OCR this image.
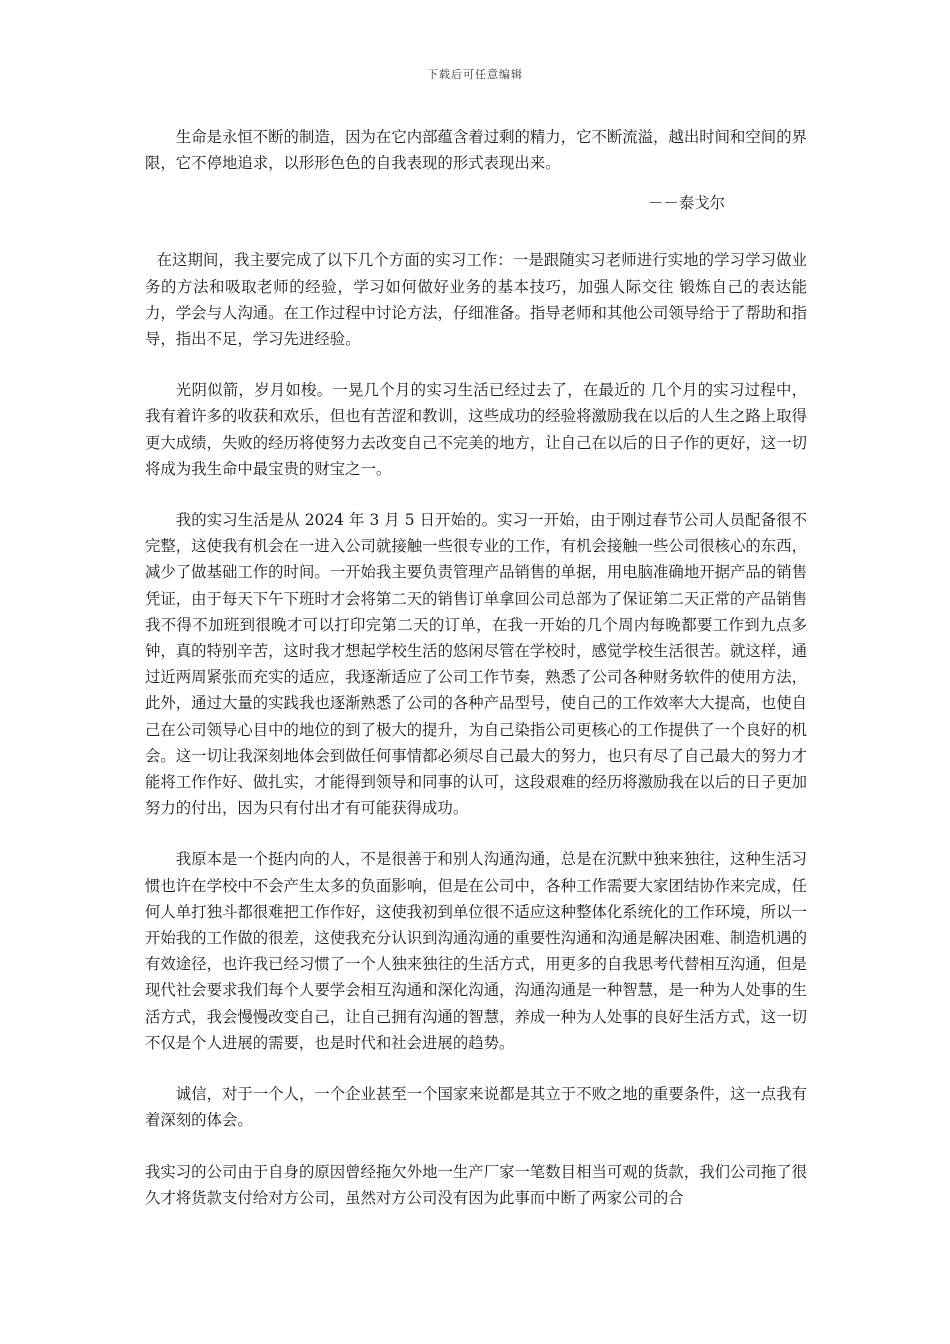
下载后可任意编辑

生命是永恒不断的制造，因为在它内部蕴含着过剩的精力，它不断流溢，越出时间和空间的界限，它不停地追求，以形形色色的自我表现的形式表现出来。

－－泰戈尔

在这期间，我主要完成了以下几个方面的实习工作：一是跟随实习老师进行实地的学习学习做业务的方法和吸取老师的经验，学习如何做好业务的基本技巧，加强人际交往 锻炼自己的表达能力，学会与人沟通。在工作过程中讨论方法，仔细准备。指导老师和其他公司领导给于了帮助和指导，指出不足，学习先进经验。

光阴似箭，岁月如梭。一晃几个月的实习生活已经过去了，在最近的 几个月的实习过程中，我有着许多的收获和欢乐，但也有苦涩和教训，这些成功的经验将激励我在以后的人生之路上取得更大成绩，失败的经历将使努力去改变自己不完美的地方，让自己在以后的日子作的更好，这一切将成为我生命中最宝贵的财宝之一。

我的实习生活是从 2024 年 3 月 5 日开始的。实习一开始，由于刚过春节公司人员配备很不完整，这使我有机会在一进入公司就接触一些很专业的工作，有机会接触一些公司很核心的东西，减少了做基础工作的时间。一开始我主要负责管理产品销售的单据，用电脑准确地开据产品的销售凭证，由于每天下午下班时才会将第二天的销售订单拿回公司总部为了保证第二天正常的产品销售我不得不加班到很晚才可以打印完第二天的订单，在我一开始的几个周内每晚都要工作到九点多钟，真的特别辛苦，这时我才想起学校生活的悠闲尽管在学校时，感觉学校生活很苦。就这样，通过近两周紧张而充实的适应，我逐渐适应了公司工作节奏，熟悉了公司各种财务软件的使用方法，此外，通过大量的实践我也逐渐熟悉了公司的各种产品型号，使自己的工作效率大大提高，也使自己在公司领导心目中的地位的到了极大的提升，为自己染指公司更核心的工作提供了一个良好的机会。这一切让我深刻地体会到做任何事情都必须尽自己最大的努力，也只有尽了自己最大的努力才能将工作作好、做扎实，才能得到领导和同事的认可，这段艰难的经历将激励我在以后的日子更加努力的付出，因为只有付出才有可能获得成功。

我原本是一个挺内向的人，不是很善于和别人沟通沟通，总是在沉默中独来独往，这种生活习惯也许在学校中不会产生太多的负面影响，但是在公司中，各种工作需要大家团结协作来完成，任何人单打独斗都很难把工作作好，这使我初到单位很不适应这种整体化系统化的工作环境，所以一开始我的工作做的很差，这使我充分认识到沟通沟通的重要性沟通和沟通是解决困难、制造机遇的有效途径，也许我已经习惯了一个人独来独往的生活方式，用更多的自我思考代替相互沟通，但是现代社会要求我们每个人要学会相互沟通和深化沟通，沟通沟通是一种智慧，是一种为人处事的生活方式，我会慢慢改变自己，让自己拥有沟通的智慧，养成一种为人处事的良好生活方式，这一切不仅是个人进展的需要，也是时代和社会进展的趋势。

诚信，对于一个人，一个企业甚至一个国家来说都是其立于不败之地的重要条件，这一点我有着深刻的体会。

我实习的公司由于自身的原因曾经拖欠外地一生产厂家一笔数目相当可观的货款，我们公司拖了很久才将货款支付给对方公司，虽然对方公司没有因为此事而中断了两家公司的合
